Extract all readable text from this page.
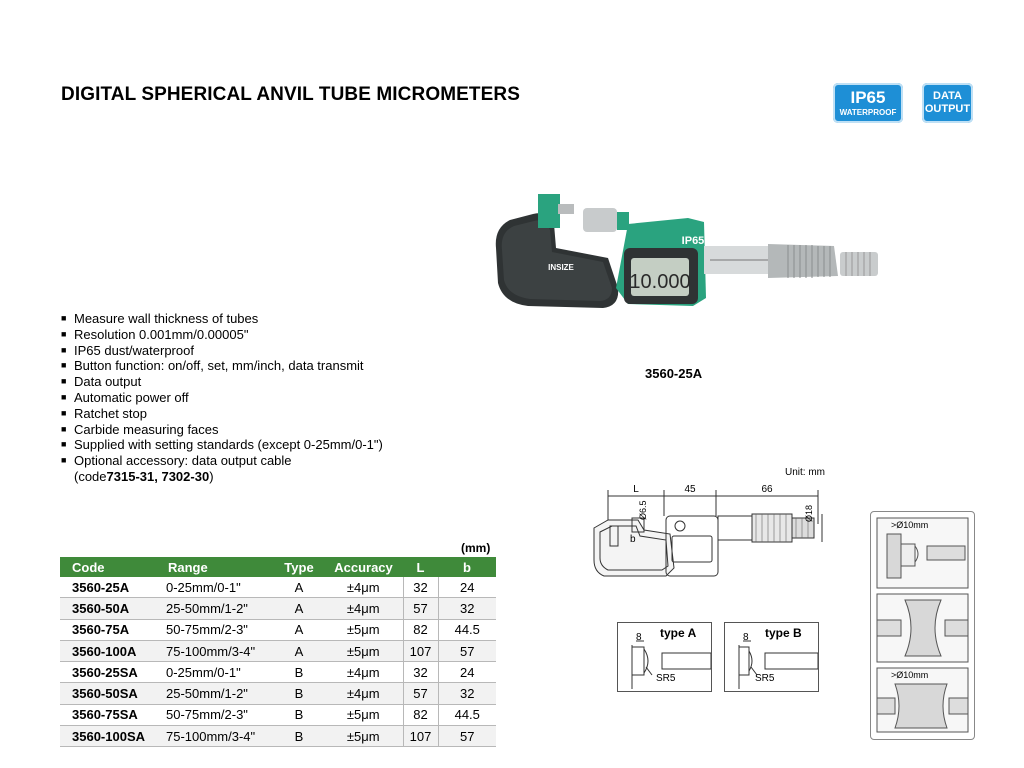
DIGITAL SPHERICAL ANVIL TUBE MICROMETERS	IP65
WATERPROOF
DATA
OUTPUT
10.000
IP65
INSIZE
3560-25A
■ Measure wall thickness of tubes
■ Resolution 0.001mm/0.00005"
■ IP65 dust/waterproof
■ Button function: on/off, set, mm/inch, data transmit
■ Data output
■ Automatic power off
■ Ratchet stop
■ Carbide measuring faces
■ Supplied with setting standards (except 0-25mm/0-1")
■ Optional accessory: data output cable
(code 7315-31, 7302-30 )	Unit: mm
L	45	66
Ø6.5	Ø18
b
8 type A
SR5
8 type B
SR5
>Ø10mm
>Ø10mm
(mm)
Code	Range	Type	Accuracy	L	b
3560-25A	0-25mm/0-1"	A	±4μm	32	24
3560-50A	25-50mm/1-2"	A	±4μm	57	32
3560-75A	50-75mm/2-3"	A	±5μm	82	44.5
3560-100A	75-100mm/3-4"	A	±5μm	107	57
3560-25SA	0-25mm/0-1"	B	±4μm	32	24
3560-50SA	25-50mm/1-2"	B	±4μm	57	32
3560-75SA	50-75mm/2-3"	B	±5μm	82	44.5
3560-100SA	75-100mm/3-4"	B	±5μm	107	57
